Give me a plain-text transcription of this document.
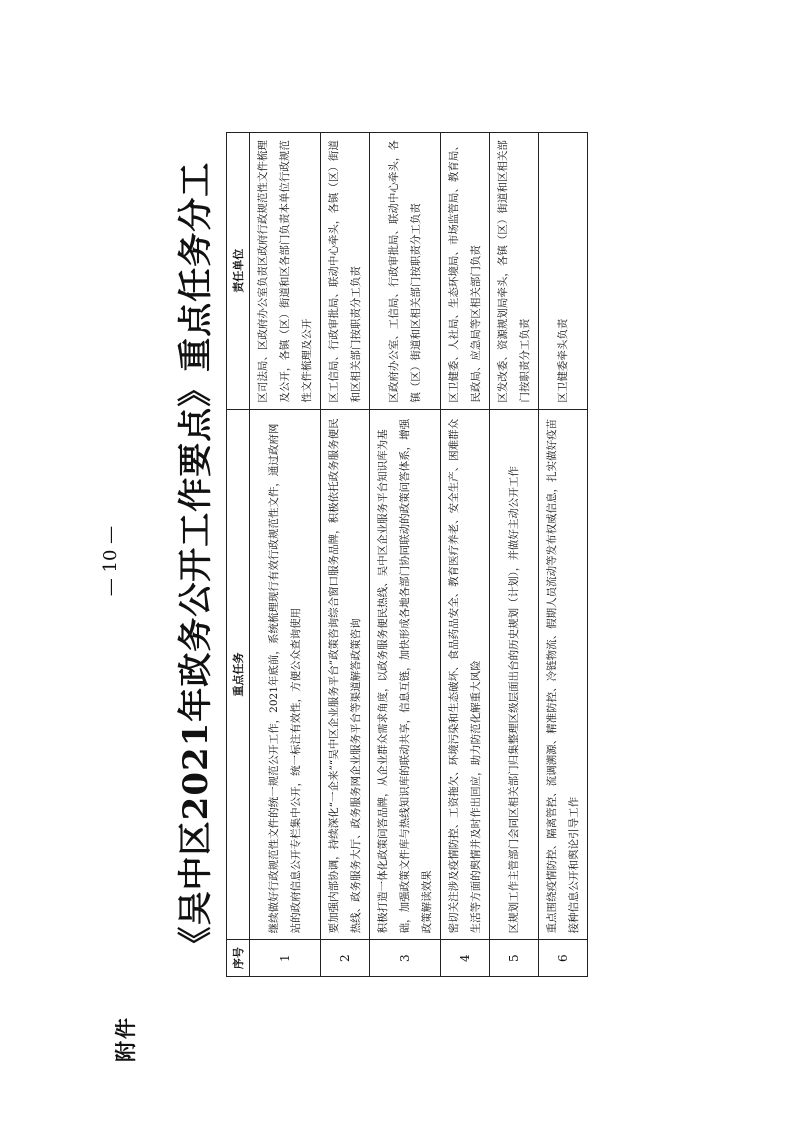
附件
《吴中区2021年政务公开工作要点》重点任务分工 序号	重点任务	责任单位
1	继续做好行政规范性文件的统一规范公开工作，2021年底前，系统梳理现行有效行政规范性文件，通过政府网站的政府信息公开专栏集中公开，统一标注有效性，方便公众查询使用	区司法局、区政府办公室负责区政府行政规范性文件梳理及公开，各镇（区）街道和区各部门负责本单位行政规范性文件梳理及公开
2	要加强内部协调，持续深化“一企来”“吴中区企业服务平台”政策咨询综合窗口服务品牌，积极依托政务服务便民热线、政务服务大厅、政务服务网企业服务平台等渠道解答政策咨询	区工信局、行政审批局、联动中心牵头，各镇（区）街道和区相关部门按职责分工负责
3	积极打造一体化政策问答品牌，从企业群众需求角度，以政务服务便民热线、吴中区企业服务平台知识库为基础，加强政策文件库与热线知识库的联动共享，信息互链，加快形成各地各部门协同联动的政策问答体系，增强政策解读效果	区政府办公室、工信局、行政审批局、联动中心牵头，各镇（区）街道和区相关部门按职责分工负责
4	密切关注涉及疫情防控、工资拖欠、环境污染和生态破坏、食品药品安全、教育医疗养老、安全生产、困难群众生活等方面的舆情并及时作出回应，助力防范化解重大风险	区卫健委、人社局、生态环境局、市场监管局、教育局、民政局、应急局等区相关部门负责
5	区规划工作主管部门会同区相关部门归集整理区级层面出台的历史规划（计划），并做好主动公开工作	区发改委、资源规划局牵头，各镇（区）街道和区相关部门按职责分工负责
6	重点围绕疫情防控、隔离管控、流调溯源、精准防控、冷链物流、假期人员流动等发布权威信息，扎实做好疫苗接种信息公开和舆论引导工作	区卫健委牵头负责
— 10 —
